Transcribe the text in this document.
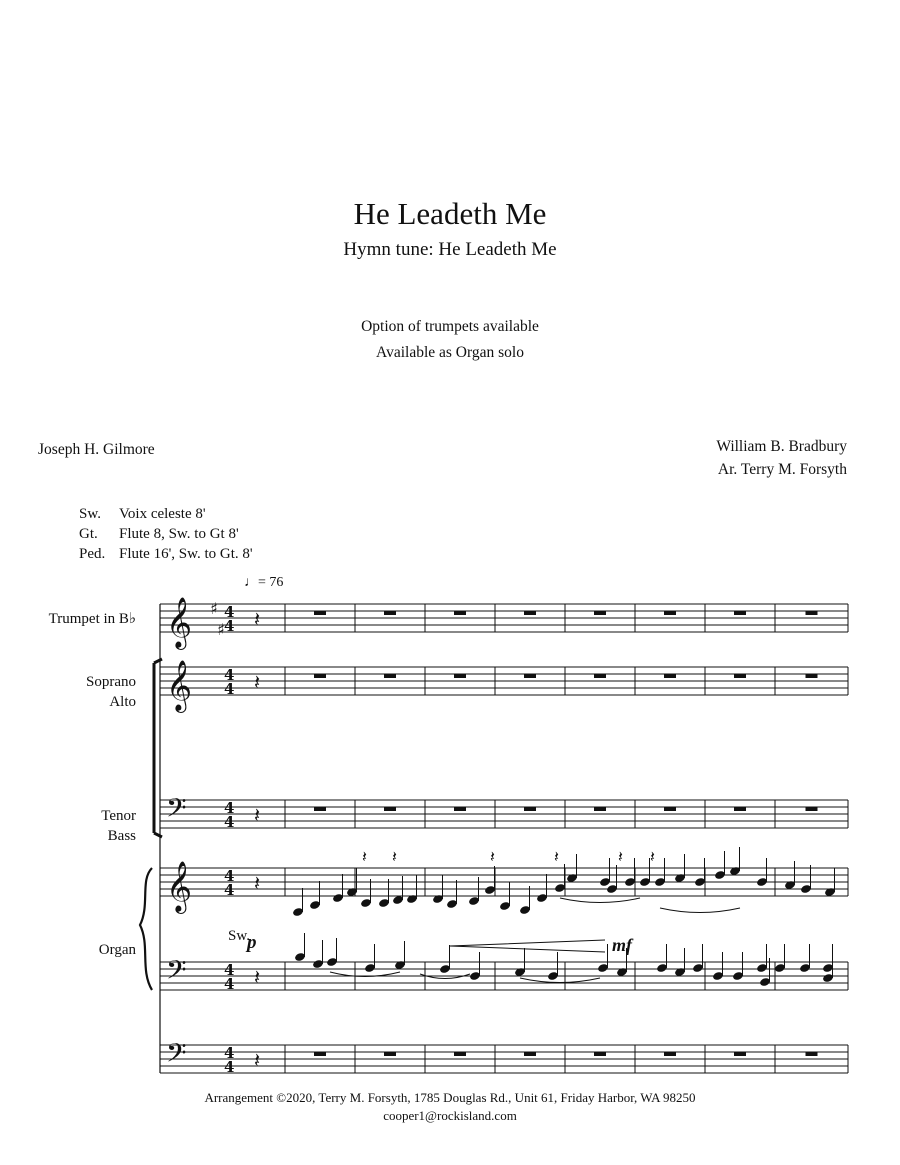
He Leadeth Me
Hymn tune: He Leadeth Me
Option of trumpets available
Available as Organ solo
Joseph H. Gilmore	William B. Bradbury
Ar. Terry M. Forsyth
Sw. Voix celeste 8'
Gt. Flute 8, Sw. to Gt 8'
Ped. Flute 16', Sw. to Gt. 8'
Trumpet in B♭
Soprano
Alto
Tenor
Bass
Organ
𝄞 4
4 𝄽
𝄞 4
4 𝄽
𝄢 4
4 𝄽
𝄞 4
4 𝄽
𝄢 4
4 𝄽
𝄢 4
4 𝄽
♯
♯
𝄽 𝄽	𝄽	𝄽	𝄽 𝄽
♩= 76
Sw.
p	mf
Arrangement ©2020, Terry M. Forsyth, 1785 Douglas Rd., Unit 61, Friday Harbor, WA 98250
cooper1@rockisland.com
